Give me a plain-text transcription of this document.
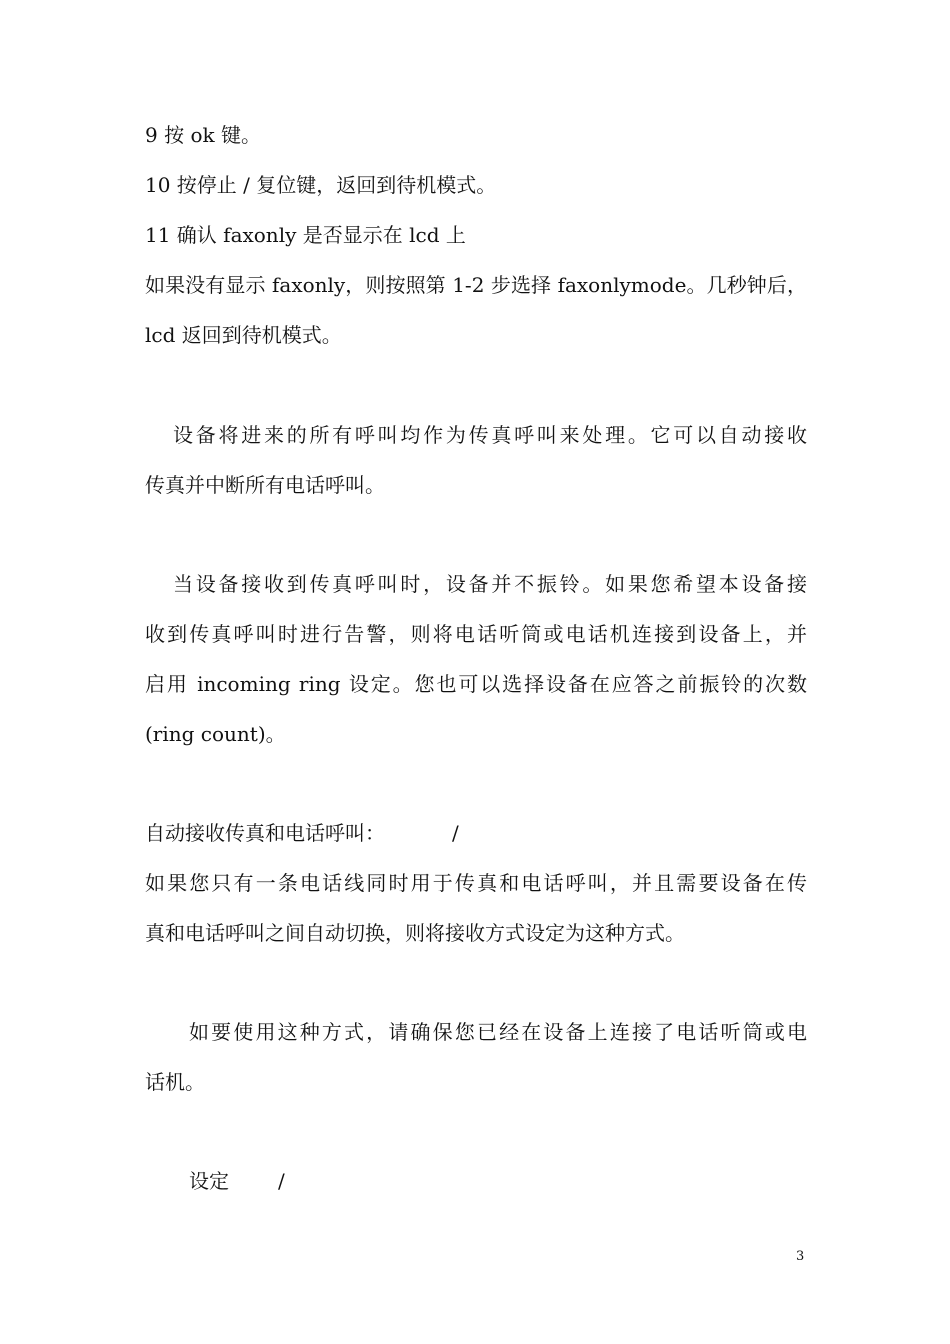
9 按 ok 键。
10 按停止 / 复位键，返回到待机模式。
11 确认 faxonly 是否显示在 lcd 上
如果没有显示 faxonly，则按照第 1-2 步选择 faxonlymode。几秒钟后，
lcd 返回到待机模式。
设备将进来的所有呼叫均作为传真呼叫来处理。它可以自动接收
传真并中断所有电话呼叫。
当设备接收到传真呼叫时，设备并不振铃。如果您希望本设备接
收到传真呼叫时进行告警，则将电话听筒或电话机连接到设备上，并
启用 incoming ring 设定。您也可以选择设备在应答之前振铃的次数
(ring count)。
自动接收传真和电话呼叫：	/
如果您只有一条电话线同时用于传真和电话呼叫，并且需要设备在传
真和电话呼叫之间自动切换，则将接收方式设定为这种方式。
如要使用这种方式，请确保您已经在设备上连接了电话听筒或电
话机。
设定 /
3
